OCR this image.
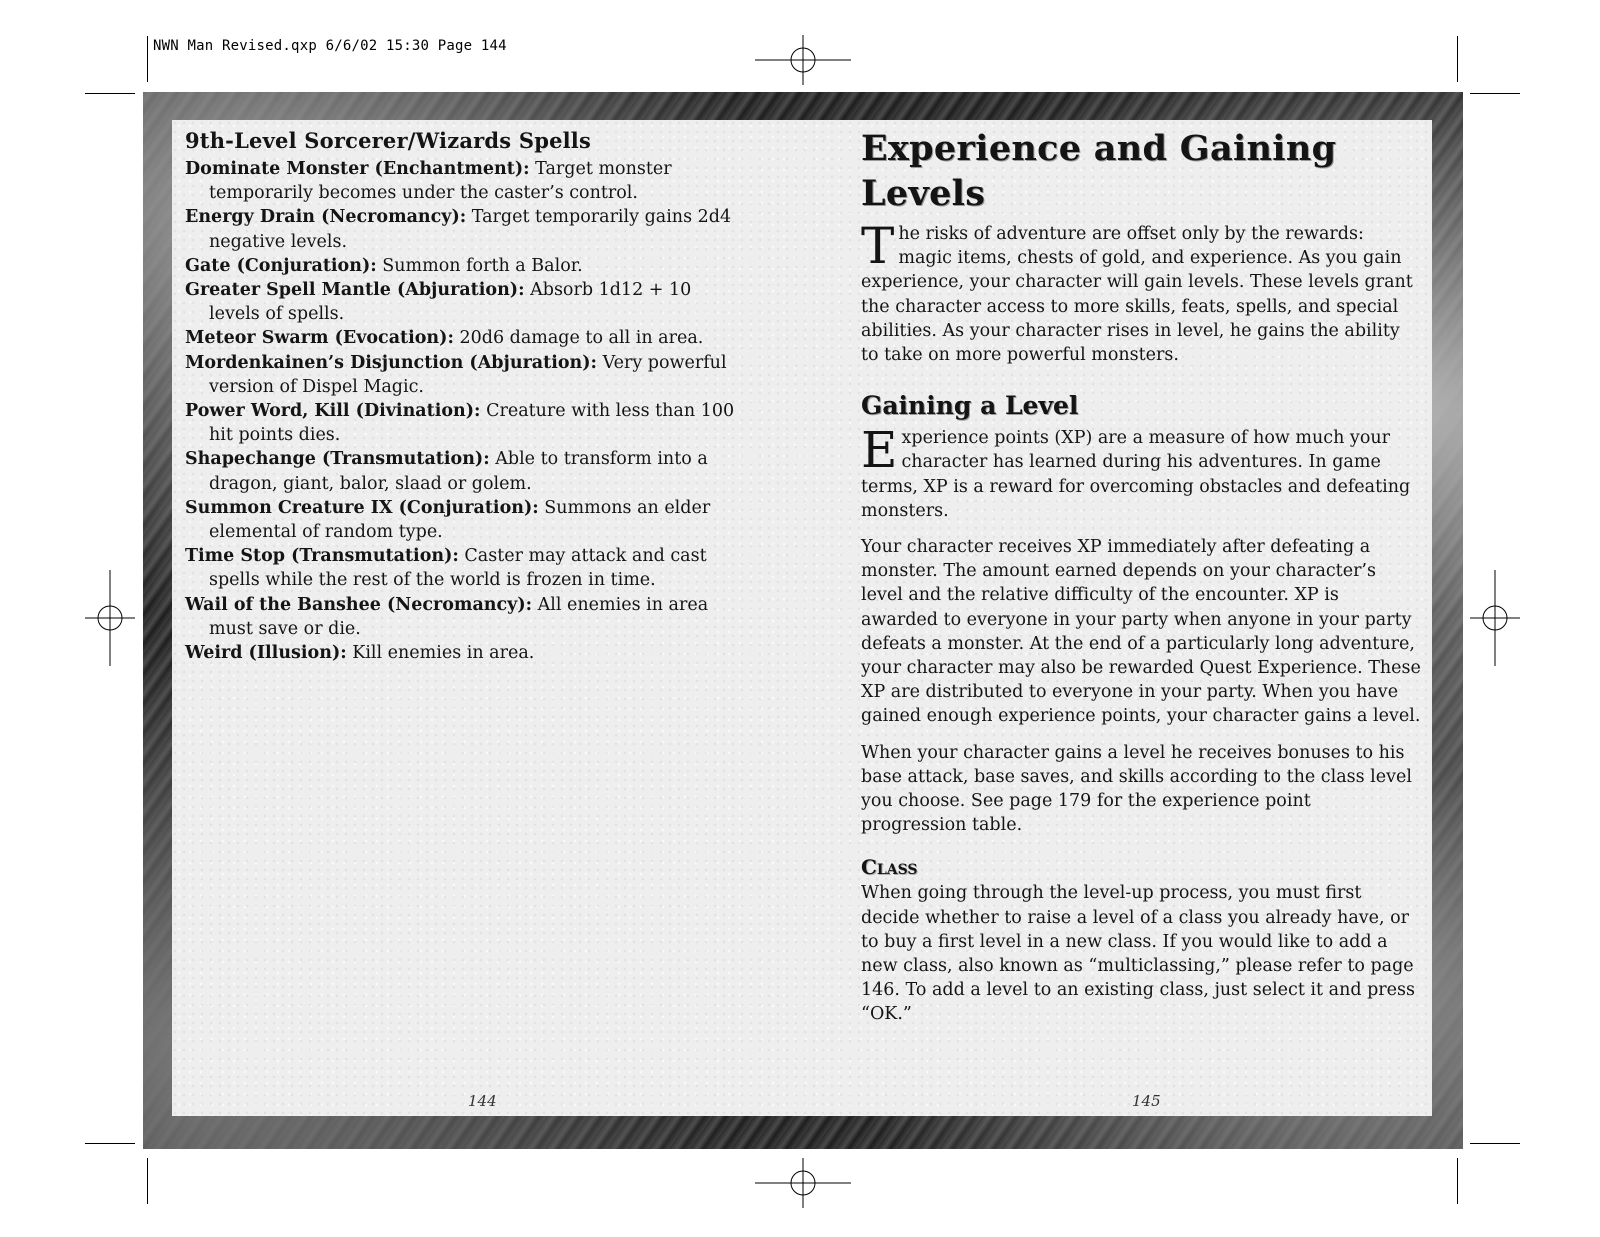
NWN Man Revised.qxp 6/6/02 15:30 Page 144
9th-Level Sorcerer/Wizards Spells

Dominate Monster (Enchantment): Target monster temporarily becomes under the caster’s control.

Energy Drain (Necromancy): Target temporarily gains 2d4 negative levels.

Gate (Conjuration): Summon forth a Balor.

Greater Spell Mantle (Abjuration): Absorb 1d12 + 10 levels of spells.

Meteor Swarm (Evocation): 20d6 damage to all in area.

Mordenkainen’s Disjunction (Abjuration): Very powerful version of Dispel Magic.

Power Word, Kill (Divination): Creature with less than 100 hit points dies.

Shapechange (Transmutation): Able to transform into a dragon, giant, balor, slaad or golem.

Summon Creature IX (Conjuration): Summons an elder elemental of random type.

Time Stop (Transmutation): Caster may attack and cast spells while the rest of the world is frozen in time.

Wail of the Banshee (Necromancy): All enemies in area must save or die.

Weird (Illusion): Kill enemies in area.

144
Experience and Gaining Levels

The risks of adventure are offset only by the rewards: magic items, chests of gold, and experience. As you gain experience, your character will gain levels. These levels grant the character access to more skills, feats, spells, and special abilities. As your character rises in level, he gains the ability to take on more powerful monsters.

Gaining a Level

Experience points (XP) are a measure of how much your character has learned during his adventures. In game terms, XP is a reward for overcoming obstacles and defeating monsters.

Your character receives XP immediately after defeating a monster. The amount earned depends on your character’s level and the relative difficulty of the encounter. XP is awarded to everyone in your party when anyone in your party defeats a monster. At the end of a particularly long adventure, your character may also be rewarded Quest Experience. These XP are distributed to everyone in your party. When you have gained enough experience points, your character gains a level.

When your character gains a level he receives bonuses to his base attack, base saves, and skills according to the class level you choose. See page 179 for the experience point progression table.

Class

When going through the level-up process, you must first decide whether to raise a level of a class you already have, or to buy a first level in a new class. If you would like to add a new class, also known as “multiclassing,” please refer to page 146. To add a level to an existing class, just select it and press “OK.”

145
